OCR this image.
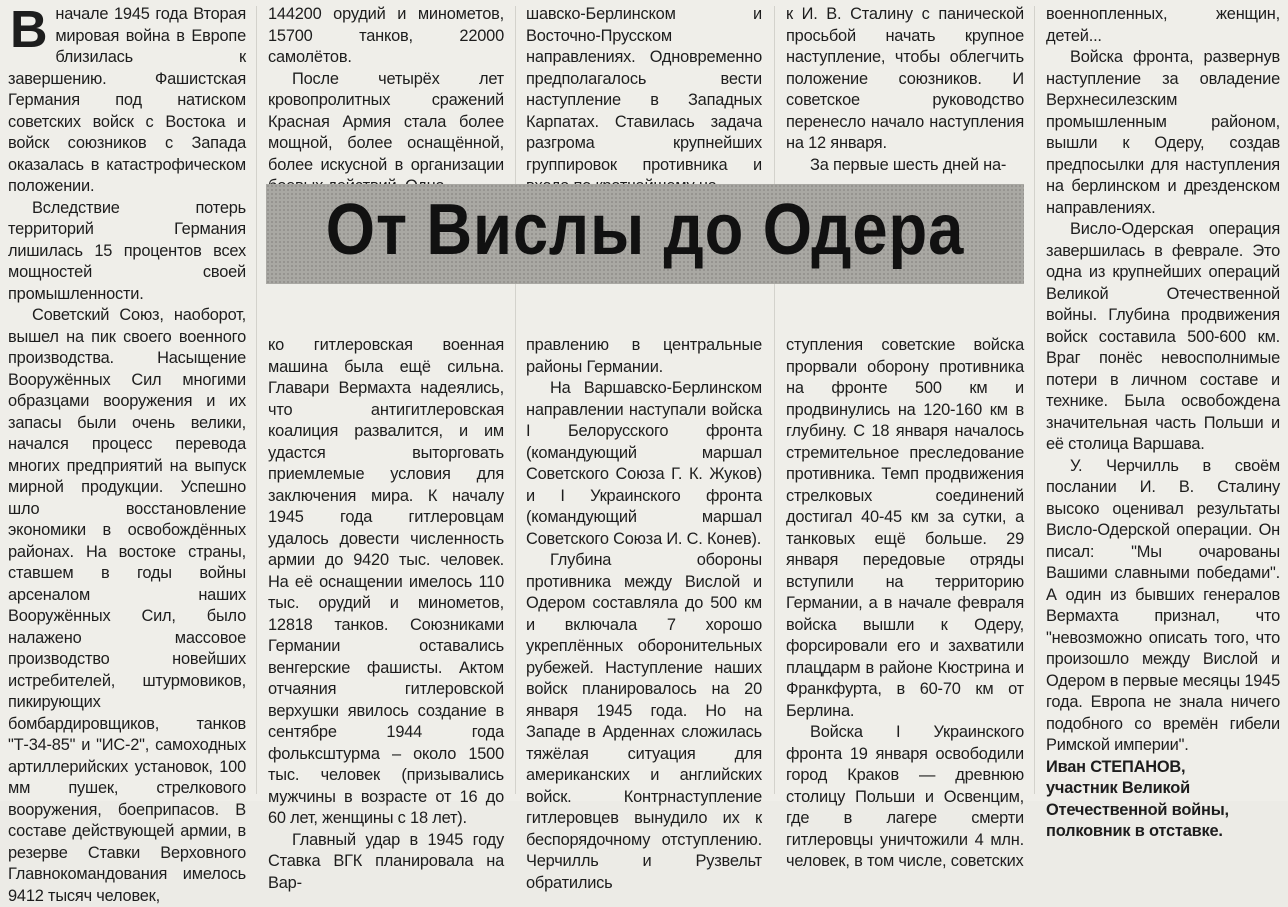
Вначале 1945 года Вторая мировая война в Европе близилась к завершению. Фашистская Германия под натиском советских войск с Востока и войск союзников с Запада оказалась в катастрофическом положении.

Вследствие потерь территорий Германия лишилась 15 процентов всех мощностей своей промышленности.

Советский Союз, наоборот, вышел на пик своего военного производства. Насыщение Вооружённых Сил многими образцами вооружения и их запасы были очень велики, начался процесс перевода многих предприятий на выпуск мирной продукции. Успешно шло восстановление экономики в освобождённых районах. На востоке страны, ставшем в годы войны арсеналом наших Вооружённых Сил, было налажено массовое производство новейших истребителей, штурмовиков, пикирующих бомбардировщиков, танков "Т-34-85" и "ИС-2", самоходных артиллерийских установок, 100 мм пушек, стрелкового вооружения, боеприпасов. В составе действующей армии, в резерве Ставки Верховного Главнокомандования имелось 9412 тысяч человек,

144200 орудий и минометов, 15700 танков, 22000 самолётов.

После четырёх лет кровопролитных сражений Красная Армия стала более мощной, более оснащённой, более искусной в организации

шавско-Берлинском и Восточно-Прусском направлениях. Одновременно предполагалось вести наступление в Западных Карпатах. Ставилась задача разгрома крупнейших группировок противника и

к И. В. Сталину с панической просьбой начать крупное наступление, чтобы облегчить положение союзников. И советское руководство перенесло начало наступления на 12 января.

За первые шесть дней на-

От Вислы до Одера

ко гитлеровская военная машина была ещё сильна. Главари Вермахта надеялись, что антигитлеровская коалиция развалится, и им удастся выторговать приемлемые условия для заключения мира. К началу 1945 года гитлеровцам удалось довести численность армии до 9420 тыс. человек. На её оснащении имелось 110 тыс. орудий и минометов, 12818 танков. Союзниками Германии оставались венгерские фашисты. Актом отчаяния гитлеровской верхушки явилось создание в сентябре 1944 года фольксштурма – около 1500 тыс. человек (призывались мужчины в возрасте от 16 до 60 лет, женщины с 18 лет).

Главный удар в 1945 году Ставка ВГК планировала на Вар-

правлению в центральные районы Германии.

На Варшавско-Берлинском направлении наступали войска I Белорусского фронта (командующий маршал Советского Союза Г. К. Жуков) и I Украинского фронта (командующий маршал Советского Союза И. С. Конев).

Глубина обороны противника между Вислой и Одером составляла до 500 км и включала 7 хорошо укреплённых оборонительных рубежей. Наступление наших войск планировалось на 20 января 1945 года. Но на Западе в Арденнах сложилась тяжёлая ситуация для американских и английских войск. Контрнаступление гитлеровцев вынудило их к беспорядочному отступлению. Черчилль и Рузвельт обратились

ступления советские войска прорвали оборону противника на фронте 500 км и продвинулись на 120-160 км в глубину. С 18 января началось стремительное преследование противника. Темп продвижения стрелковых соединений достигал 40-45 км за сутки, а танковых ещё больше. 29 января передовые отряды вступили на территорию Германии, а в начале февраля войска вышли к Одеру, форсировали его и захватили плацдарм в районе Кюстрина и Франкфурта, в 60-70 км от Берлина.

Войска I Украинского фронта 19 января освободили город Краков — древнюю столицу Польши и Освенцим, где в лагере смерти гитлеровцы уничтожили 4 млн. человек, в том числе, советских

военнопленных, женщин, детей...

Войска фронта, развернув наступление за овладение Верхнесилезским промышленным районом, вышли к Одеру, создав предпосылки для наступления на берлинском и дрезденском направлениях.

Висло-Одерская операция завершилась в феврале. Это одна из крупнейших операций Великой Отечественной войны. Глубина продвижения войск составила 500-600 км. Враг понёс невосполнимые потери в личном составе и технике. Была освобождена значительная часть Польши и её столица Варшава.

У. Черчилль в своём послании И. В. Сталину высоко оценивал результаты Висло-Одерской операции. Он писал: "Мы очарованы Вашими славными победами". А один из бывших генералов Вермахта признал, что "невозможно описать того, что произошло между Вислой и Одером в первые месяцы 1945 года. Европа не знала ничего подобного со времён гибели Римской империи".

Иван СТЕПАНОВ,
участник Великой
Отечественной войны,
полковник в отставке.
